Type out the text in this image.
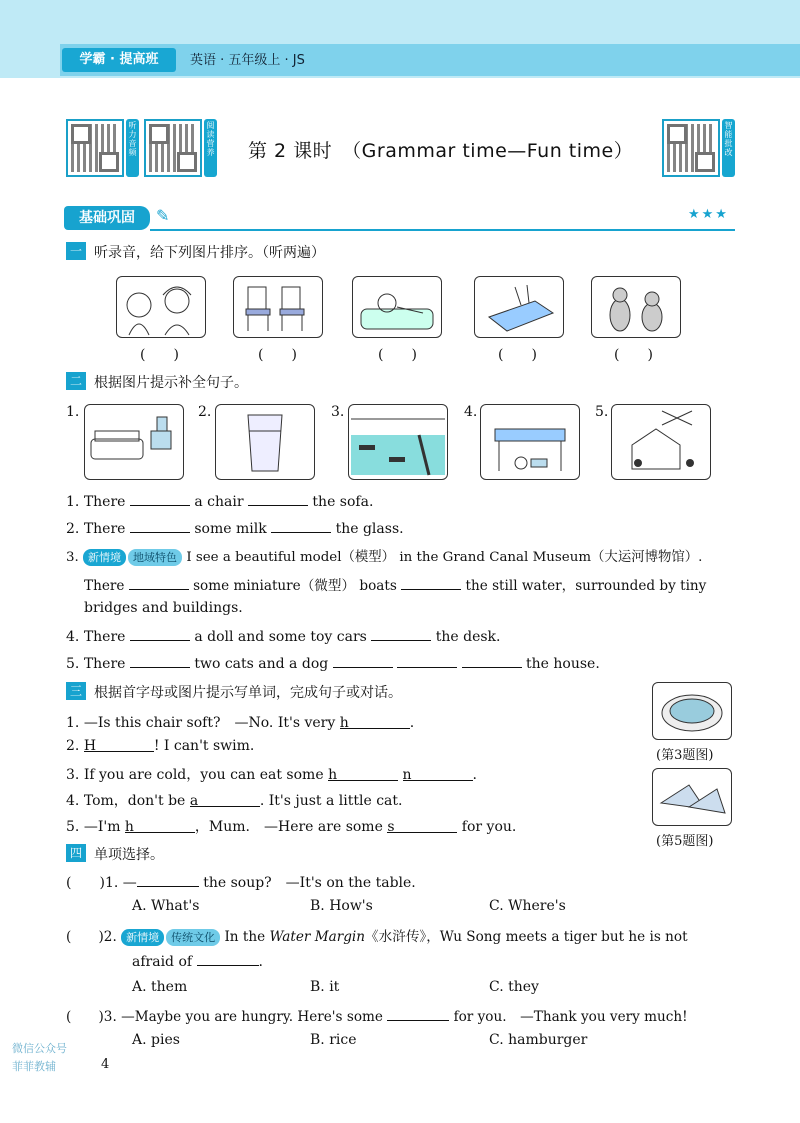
学霸 · 提高班	英语 · 五年级上 · JS
听力音频
阅读营养
智能批改
第 2 课时　（Grammar time—Fun time）
基础巩固	✎	★★★
一 听录音，给下列图片排序。（听两遍）
(　　)	(　　)	(　　)	(　　)	(　　)
二 根据图片提示补全句子。
1.	2.	3.	4.	5.
1. There	a chair	the sofa.
2. There	some milk	the glass.
3. 新情境 地域特色 I see a beautiful model（模型） in the Grand Canal Museum（大运河博物馆）.
There	some miniature（微型） boats	the still water，surrounded by tiny
bridges and buildings.
4. There	a doll and some toy cars	the desk.
5. There	two cats and a dog	the house.
三 根据首字母或图片提示写单词，完成句子或对话。
1. —Is this chair soft?　—No. It's very h	.
2. H	! I can't swim.
3. If you are cold，you can eat some h	n	.
4. Tom，don't be a	. It's just a little cat.
5. —I'm h	，Mum.　—Here are some s	for you.
(第3题图)
(第5题图)
四 单项选择。
(　　)1. —	the soup?　—It's on the table.
A. What's	B. How's	C. Where's
(　　)2. 新情境 传统文化 In the Water Margin《水浒传》，Wu Song meets a tiger but he is not
afraid of	.
A. them	B. it	C. they
(　　)3. —Maybe you are hungry. Here's some	for you.　—Thank you very much!
A. pies	B. rice	C. hamburger
微信公众号
菲菲教辅	4
